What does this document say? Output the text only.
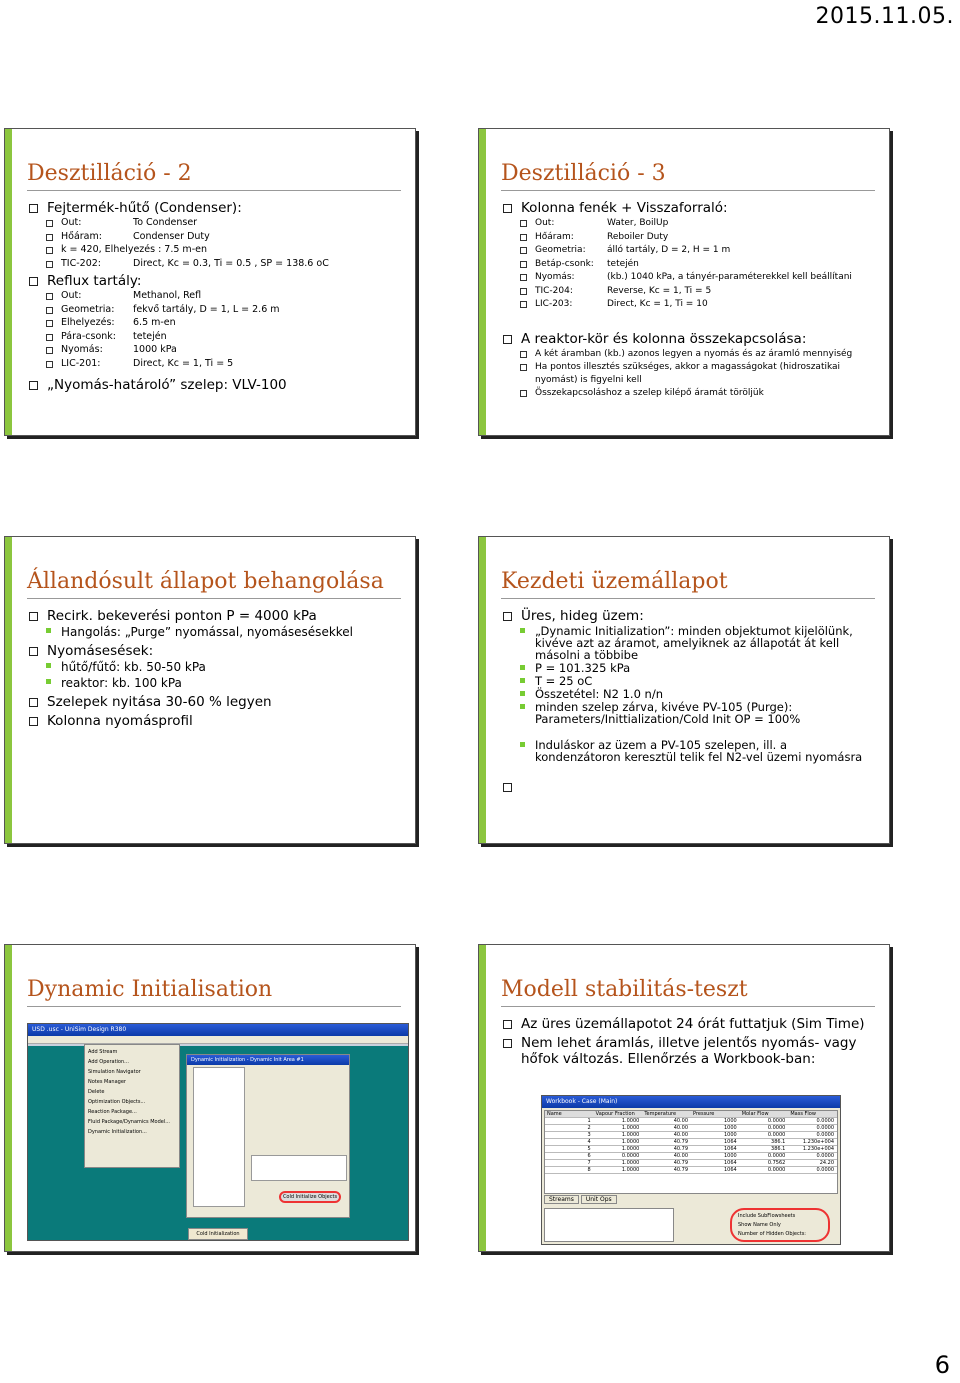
2015.11.05.
Desztilláció - 2
Fejtermék-hűtő (Condenser):
Out:	To Condenser
Hőáram:	Condenser Duty
k = 420, Elhelyezés : 7.5 m-en
TIC-202:	Direct, Kc = 0.3, Ti = 0.5 , SP = 138.6 oC
Reflux tartály:
Out:	Methanol, Refl
Geometria: fekvő tartály, D = 1, L = 2.6 m
Elhelyezés: 6.5 m-en
Pára-csonk: tetején
Nyomás:	1000 kPa
LIC-201:	Direct, Kc = 1, Ti = 5
„Nyomás-határoló” szelep: VLV-100
Desztilláció - 3
Kolonna fenék + Visszaforraló:
Out:	Water, BoilUp
Hőáram:	Reboiler Duty
Geometria: álló tartály, D = 2, H = 1 m
Betáp-csonk: tetején
Nyomás:	(kb.) 1040 kPa, a tányér-paraméterekkel kell beállítani
TIC-204:	Reverse, Kc = 1, Ti = 5
LIC-203:	Direct, Kc = 1, Ti = 10
A reaktor-kör és kolonna összekapcsolása:
A két áramban (kb.) azonos legyen a nyomás és az áramló mennyiség
Ha pontos illesztés szükséges, akkor a magasságokat (hidroszatikai nyomást) is figyelni kell
Összekapcsoláshoz a szelep kilépő áramát töröljük
Állandósult állapot behangolása
Recirk. bekeverési ponton P = 4000 kPa
Hangolás: „Purge” nyomással, nyomásesésekkel
Nyomásesések:
hűtő/fűtő: kb. 50-50 kPa
reaktor: kb. 100 kPa
Szelepek nyitása 30-60 % legyen
Kolonna nyomásprofil
Kezdeti üzemállapot
Üres, hideg üzem:
„Dynamic Initialization”: minden objektumot kijelölünk, kivéve azt az áramot, amelyiknek az állapotát át kell másolni a többibe
P = 101.325 kPa
T = 25 oC
Összetétel: N2 1.0 n/n
minden szelep zárva, kivéve PV-105 (Purge): Parameters/Inittialization/Cold Init OP = 100%
Induláskor az üzem a PV-105 szelepen, ill. a kondenzátoron keresztül telik fel N2-vel üzemi nyomásra
Dynamic Initialisation
USD .usc - UniSim Design R380
Add Stream
Add Operation...
Simulation Navigator
Notes Manager
Delete
Optimization Objects...
Reaction Package...
Fluid Package/Dynamics Model...
Dynamic Initialization...
Dynamic Initialization - Dynamic Init Area #1
Cold Initialize Objects
Cold Initialization
Modell stabilitás-teszt
Az üres üzemállapotot 24 órát futtatjuk (Sim Time)
Nem lehet áramlás, illetve jelentős nyomás- vagy hőfok változás. Ellenőrzés a Workbook-ban:
Workbook - Case (Main)
Name	Vapour Fraction	Temperature	Pressure	Molar Flow	Mass Flow
1	1.0000	40.00	1000	0.0000	0.0000
2	1.0000	40.00	1000	0.0000	0.0000
3	1.0000	40.00	1000	0.0000	0.0000
4	1.0000	40.79	1064	386.1	1.230e+004
5	1.0000	40.79	1064	386.1	1.230e+004
6	0.0000	40.00	1000	0.0000	0.0000
7	1.0000	40.79	1064	0.7562	24.20
8	1.0000	40.79	1064	0.0000	0.0000
Streams Unit Ops
Include SubFlowsheets
Show Name Only
Number of Hidden Objects:
6
